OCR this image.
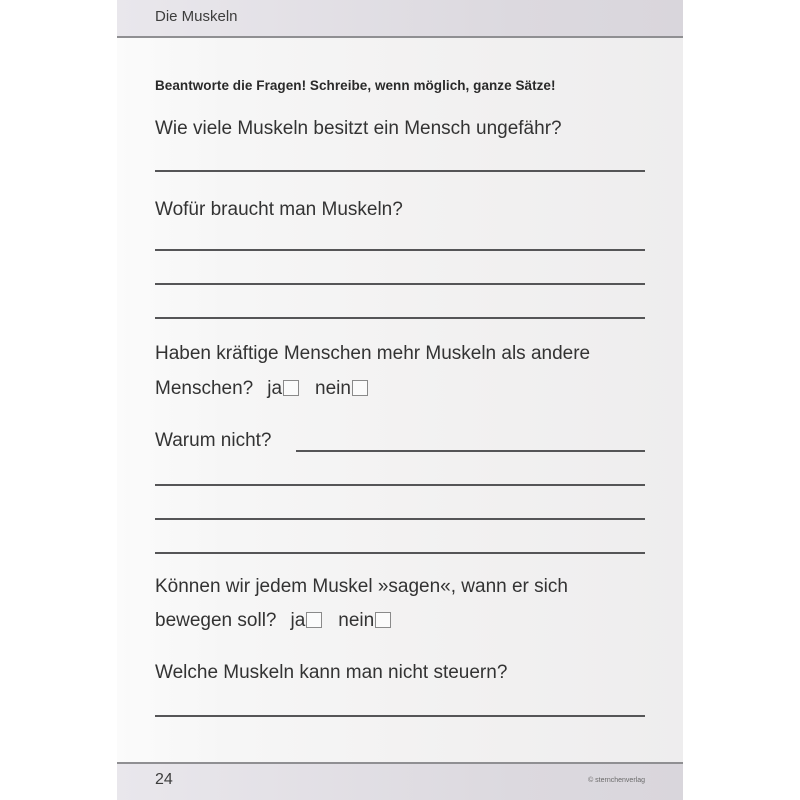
Die Muskeln
Beantworte die Fragen! Schreibe, wenn möglich, ganze Sätze!
Wie viele Muskeln besitzt ein Mensch ungefähr?
Wofür braucht man Muskeln?
Haben kräftige Menschen mehr Muskeln als andere
Menschen? ja nein
Warum nicht?
Können wir jedem Muskel »sagen«, wann er sich
bewegen soll? ja nein
Welche Muskeln kann man nicht steuern?
24	© sternchenverlag
